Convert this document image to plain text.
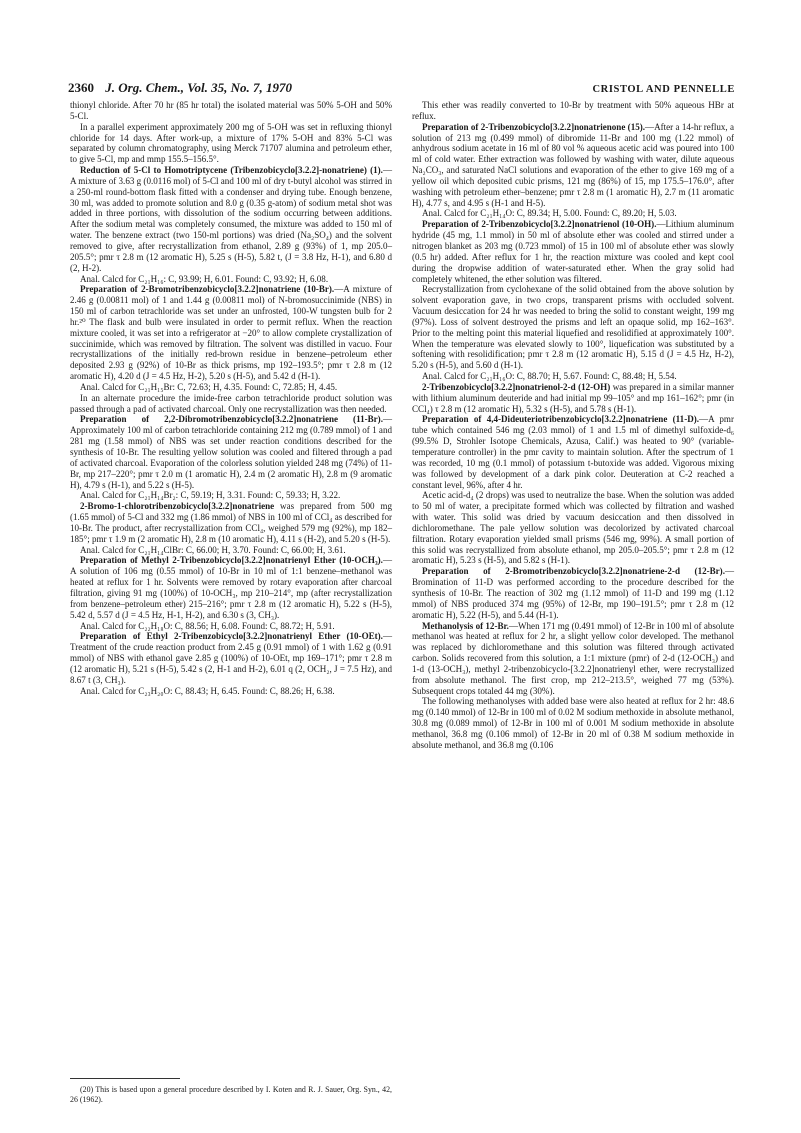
2360 J. Org. Chem., Vol. 35, No. 7, 1970	CRISTOL AND PENNELLE

thionyl chloride. After 70 hr (85 hr total) the isolated material was 50% 5-OH and 50% 5-Cl.

In a parallel experiment approximately 200 mg of 5-OH was set in refluxing thionyl chloride for 14 days. After work-up, a mixture of 17% 5-OH and 83% 5-Cl was separated by column chromatography, using Merck 71707 alumina and petroleum ether, to give 5-Cl, mp and mmp 155.5–156.5°.

Reduction of 5-Cl to Homotriptycene (Tribenzobicyclo[3.2.2]-nonatriene) (1).—A mixture of 3.63 g (0.0116 mol) of 5-Cl and 100 ml of dry t-butyl alcohol was stirred in a 250-ml round-bottom flask fitted with a condenser and drying tube. Enough benzene, 30 ml, was added to promote solution and 8.0 g (0.35 g-atom) of sodium metal shot was added in three portions, with dissolution of the sodium occurring between additions. After the sodium metal was completely consumed, the mixture was added to 150 ml of water. The benzene extract (two 150-ml portions) was dried (Na₂SO₄) and the solvent removed to give, after recrystallization from ethanol, 2.89 g (93%) of 1, mp 205.0–205.5°; pmr τ 2.8 m (12 aromatic H), 5.25 s (H-5), 5.82 t, (J = 3.8 Hz, H-1), and 6.80 d (2, H-2).

Anal. Calcd for C₂₁H₁₆: C, 93.99; H, 6.01. Found: C, 93.92; H, 6.08.

Preparation of 2-Bromotribenzobicyclo[3.2.2]nonatriene (10-Br).—A mixture of 2.46 g (0.00811 mol) of 1 and 1.44 g (0.00811 mol) of N-bromosuccinimide (NBS) in 150 ml of carbon tetrachloride was set under an unfrosted, 100-W tungsten bulb for 2 hr.²⁰ The flask and bulb were insulated in order to permit reflux. When the reaction mixture cooled, it was set into a refrigerator at −20° to allow complete crystallization of succinimide, which was removed by filtration. The solvent was distilled in vacuo. Four recrystallizations of the initially red-brown residue in benzene–petroleum ether deposited 2.93 g (92%) of 10-Br as thick prisms, mp 192–193.5°; pmr τ 2.8 m (12 aromatic H), 4.20 d (J = 4.5 Hz, H-2), 5.20 s (H-5), and 5.42 d (H-1).

Anal. Calcd for C₂₁H₁₅Br: C, 72.63; H, 4.35. Found: C, 72.85; H, 4.45.

In an alternate procedure the imide-free carbon tetrachloride product solution was passed through a pad of activated charcoal. Only one recrystallization was then needed.

Preparation of 2,2-Dibromotribenzobicyclo[3.2.2]nonatriene (11-Br).—Approximately 100 ml of carbon tetrachloride containing 212 mg (0.789 mmol) of 1 and 281 mg (1.58 mmol) of NBS was set under reaction conditions described for the synthesis of 10-Br. The resulting yellow solution was cooled and filtered through a pad of activated charcoal. Evaporation of the colorless solution yielded 248 mg (74%) of 11-Br, mp 217–220°; pmr τ 2.0 m (1 aromatic H), 2.4 m (2 aromatic H), 2.8 m (9 aromatic H), 4.79 s (H-1), and 5.22 s (H-5).

Anal. Calcd for C₂₁H₁₄Br₂: C, 59.19; H, 3.31. Found: C, 59.33; H, 3.22.

2-Bromo-1-chlorotribenzobicyclo[3.2.2]nonatriene was prepared from 500 mg (1.65 mmol) of 5-Cl and 332 mg (1.86 mmol) of NBS in 100 ml of CCl₄ as described for 10-Br. The product, after recrystallization from CCl₄, weighed 579 mg (92%), mp 182–185°; pmr τ 1.9 m (2 aromatic H), 2.8 m (10 aromatic H), 4.11 s (H-2), and 5.20 s (H-5).

Anal. Calcd for C₂₁H₁₄ClBr: C, 66.00; H, 3.70. Found: C, 66.00; H, 3.61.

Preparation of Methyl 2-Tribenzobicyclo[3.2.2]nonatrienyl Ether (10-OCH₃).—A solution of 106 mg (0.55 mmol) of 10-Br in 10 ml of 1:1 benzene–methanol was heated at reflux for 1 hr. Solvents were removed by rotary evaporation after charcoal filtration, giving 91 mg (100%) of 10-OCH₃, mp 210–214°, mp (after recrystallization from benzene–petroleum ether) 215–216°; pmr τ 2.8 m (12 aromatic H), 5.22 s (H-5), 5.42 d, 5.57 d (J = 4.5 Hz, H-1, H-2), and 6.30 s (3, CH₃).

Anal. Calcd for C₂₂H₁₈O: C, 88.56; H, 6.08. Found: C, 88.72; H, 5.91.

Preparation of Ethyl 2-Tribenzobicyclo[3.2.2]nonatrienyl Ether (10-OEt).—Treatment of the crude reaction product from 2.45 g (0.91 mmol) of 1 with 1.62 g (0.91 mmol) of NBS with ethanol gave 2.85 g (100%) of 10-OEt, mp 169–171°; pmr τ 2.8 m (12 aromatic H), 5.21 s (H-5), 5.42 s (2, H-1 and H-2), 6.01 q (2, OCH₂, J = 7.5 Hz), and 8.67 t (3, CH₃).

Anal. Calcd for C₂₃H₂₀O: C, 88.43; H, 6.45. Found: C, 88.26; H, 6.38.

This ether was readily converted to 10-Br by treatment with 50% aqueous HBr at reflux.

Preparation of 2-Tribenzobicyclo[3.2.2]nonatrienone (15).—After a 14-hr reflux, a solution of 213 mg (0.499 mmol) of dibromide 11-Br and 100 mg (1.22 mmol) of anhydrous sodium acetate in 16 ml of 80 vol % aqueous acetic acid was poured into 100 ml of cold water. Ether extraction was followed by washing with water, dilute aqueous Na₂CO₃, and saturated NaCl solutions and evaporation of the ether to give 169 mg of a yellow oil which deposited cubic prisms, 121 mg (86%) of 15, mp 175.5–176.0°, after washing with petroleum ether–benzene; pmr τ 2.8 m (1 aromatic H), 2.7 m (11 aromatic H), 4.77 s, and 4.95 s (H-1 and H-5).

Anal. Calcd for C₂₁H₁₄O: C, 89.34; H, 5.00. Found: C, 89.20; H, 5.03.

Preparation of 2-Tribenzobicyclo[3.2.2]nonatrienol (10-OH).—Lithium aluminum hydride (45 mg, 1.1 mmol) in 50 ml of absolute ether was cooled and stirred under a nitrogen blanket as 203 mg (0.723 mmol) of 15 in 100 ml of absolute ether was slowly (0.5 hr) added. After reflux for 1 hr, the reaction mixture was cooled and kept cool during the dropwise addition of water-saturated ether. When the gray solid had completely whitened, the ether solution was filtered.

Recrystallization from cyclohexane of the solid obtained from the above solution by solvent evaporation gave, in two crops, transparent prisms with occluded solvent. Vacuum desiccation for 24 hr was needed to bring the solid to constant weight, 199 mg (97%). Loss of solvent destroyed the prisms and left an opaque solid, mp 162–163°. Prior to the melting point this material liquefied and resolidified at approximately 100°. When the temperature was elevated slowly to 100°, liquefication was substituted by a softening with resolidification; pmr τ 2.8 m (12 aromatic H), 5.15 d (J = 4.5 Hz, H-2), 5.20 s (H-5), and 5.60 d (H-1).

Anal. Calcd for C₂₁H₁₆O: C, 88.70; H, 5.67. Found: C, 88.48; H, 5.54.

2-Tribenzobicyclo[3.2.2]nonatrienol-2-d (12-OH) was prepared in a similar manner with lithium aluminum deuteride and had initial mp 99–105° and mp 161–162°; pmr (in CCl₄) τ 2.8 m (12 aromatic H), 5.32 s (H-5), and 5.78 s (H-1).

Preparation of 4,4-Dideuteriotribenzobicyclo[3.2.2]nonatriene (11-D).—A pmr tube which contained 546 mg (2.03 mmol) of 1 and 1.5 ml of dimethyl sulfoxide-d₆ (99.5% D, Strohler Isotope Chemicals, Azusa, Calif.) was heated to 90° (variable-temperature controller) in the pmr cavity to maintain solution. After the spectrum of 1 was recorded, 10 mg (0.1 mmol) of potassium t-butoxide was added. Vigorous mixing was followed by development of a dark pink color. Deuteration at C-2 reached a constant level, 96%, after 4 hr.

Acetic acid-d₄ (2 drops) was used to neutralize the base. When the solution was added to 50 ml of water, a precipitate formed which was collected by filtration and washed with water. This solid was dried by vacuum desiccation and then dissolved in dichloromethane. The pale yellow solution was decolorized by activated charcoal filtration. Rotary evaporation yielded small prisms (546 mg, 99%). A small portion of this solid was recrystallized from absolute ethanol, mp 205.0–205.5°; pmr τ 2.8 m (12 aromatic H), 5.23 s (H-5), and 5.82 s (H-1).

Preparation of 2-Bromotribenzobicyclo[3.2.2]nonatriene-2-d (12-Br).—Bromination of 11-D was performed according to the procedure described for the synthesis of 10-Br. The reaction of 302 mg (1.12 mmol) of 11-D and 199 mg (1.12 mmol) of NBS produced 374 mg (95%) of 12-Br, mp 190–191.5°; pmr τ 2.8 m (12 aromatic H), 5.22 (H-5), and 5.44 (H-1).

Methanolysis of 12-Br.—When 171 mg (0.491 mmol) of 12-Br in 100 ml of absolute methanol was heated at reflux for 2 hr, a slight yellow color developed. The methanol was replaced by dichloromethane and this solution was filtered through activated carbon. Solids recovered from this solution, a 1:1 mixture (pmr) of 2-d (12-OCH₃) and 1-d (13-OCH₃), methyl 2-tribenzobicyclo-[3.2.2]nonatrienyl ether, were recrystallized from absolute methanol. The first crop, mp 212–213.5°, weighed 77 mg (53%). Subsequent crops totaled 44 mg (30%).

The following methanolyses with added base were also heated at reflux for 2 hr: 48.6 mg (0.140 mmol) of 12-Br in 100 ml of 0.02 M sodium methoxide in absolute methanol, 30.8 mg (0.089 mmol) of 12-Br in 100 ml of 0.001 M sodium methoxide in absolute methanol, 36.8 mg (0.106 mmol) of 12-Br in 20 ml of 0.38 M sodium methoxide in absolute methanol, and 36.8 mg (0.106

(20) This is based upon a general procedure described by I. Koten and R. J. Sauer, Org. Syn., 42, 26 (1962).
